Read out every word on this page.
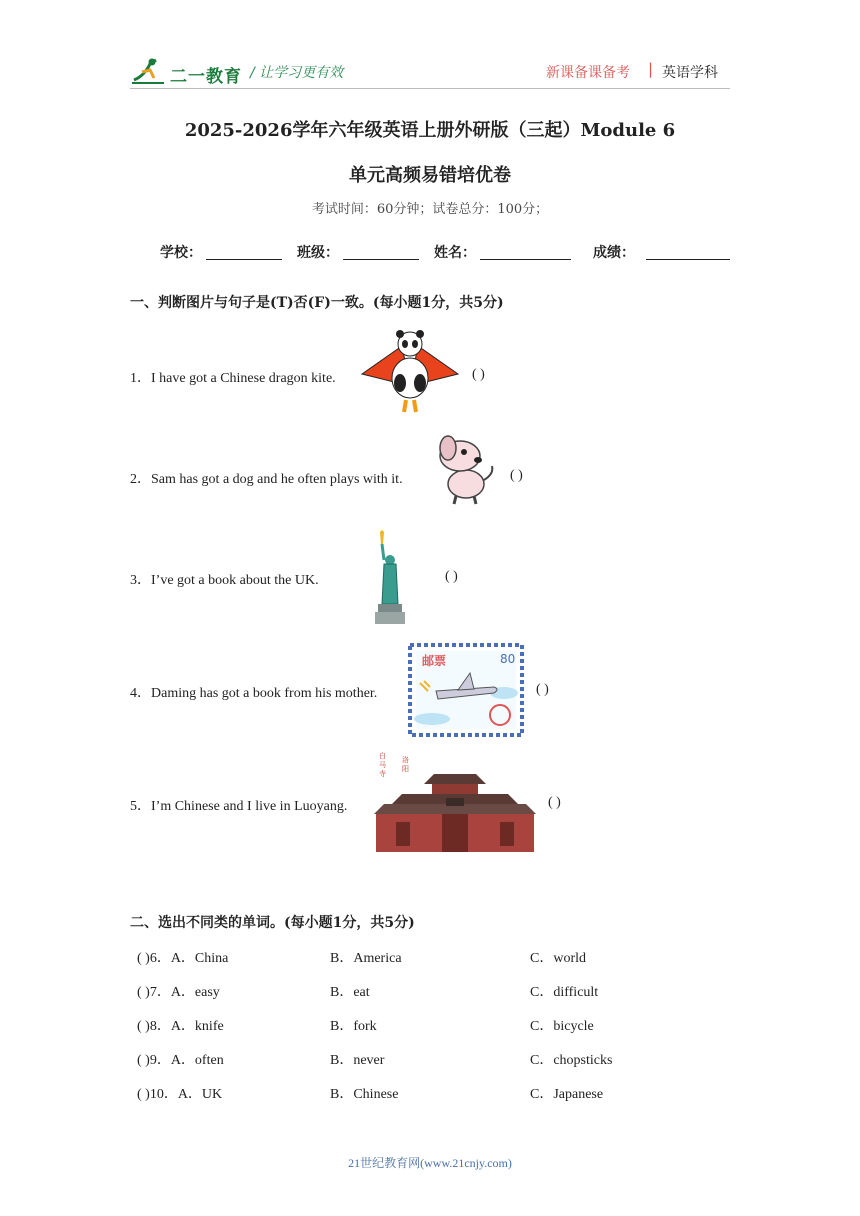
二一教育 / 让学习更有效	新课备课备考 | 英语学科
2025-2026学年六年级英语上册外研版（三起）Module 6
单元高频易错培优卷
考试时间：60分钟；试卷总分：100分；
学校：	班级：	姓名：	成绩：
一、判断图片与句子是(T)否(F)一致。(每小题1分，共5分)
1．I have got a Chinese dragon kite.	( )
2．Sam has got a dog and he often plays with it.	( )
3．I’ve got a book about the UK.	( )
4．Daming has got a book from his mother.
邮票	80
( )
5．I’m Chinese and I live in Luoyang.
白马寺
洛阳
( )
二、选出不同类的单词。(每小题1分，共5分)
( )6．A．China	B．America	C．world
( )7．A．easy	B．eat	C．difficult
( )8．A．knife	B．fork	C．bicycle
( )9．A．often	B．never	C．chopsticks
( )10．A．UK	B．Chinese	C．Japanese
21世纪教育网(www.21cnjy.com)
